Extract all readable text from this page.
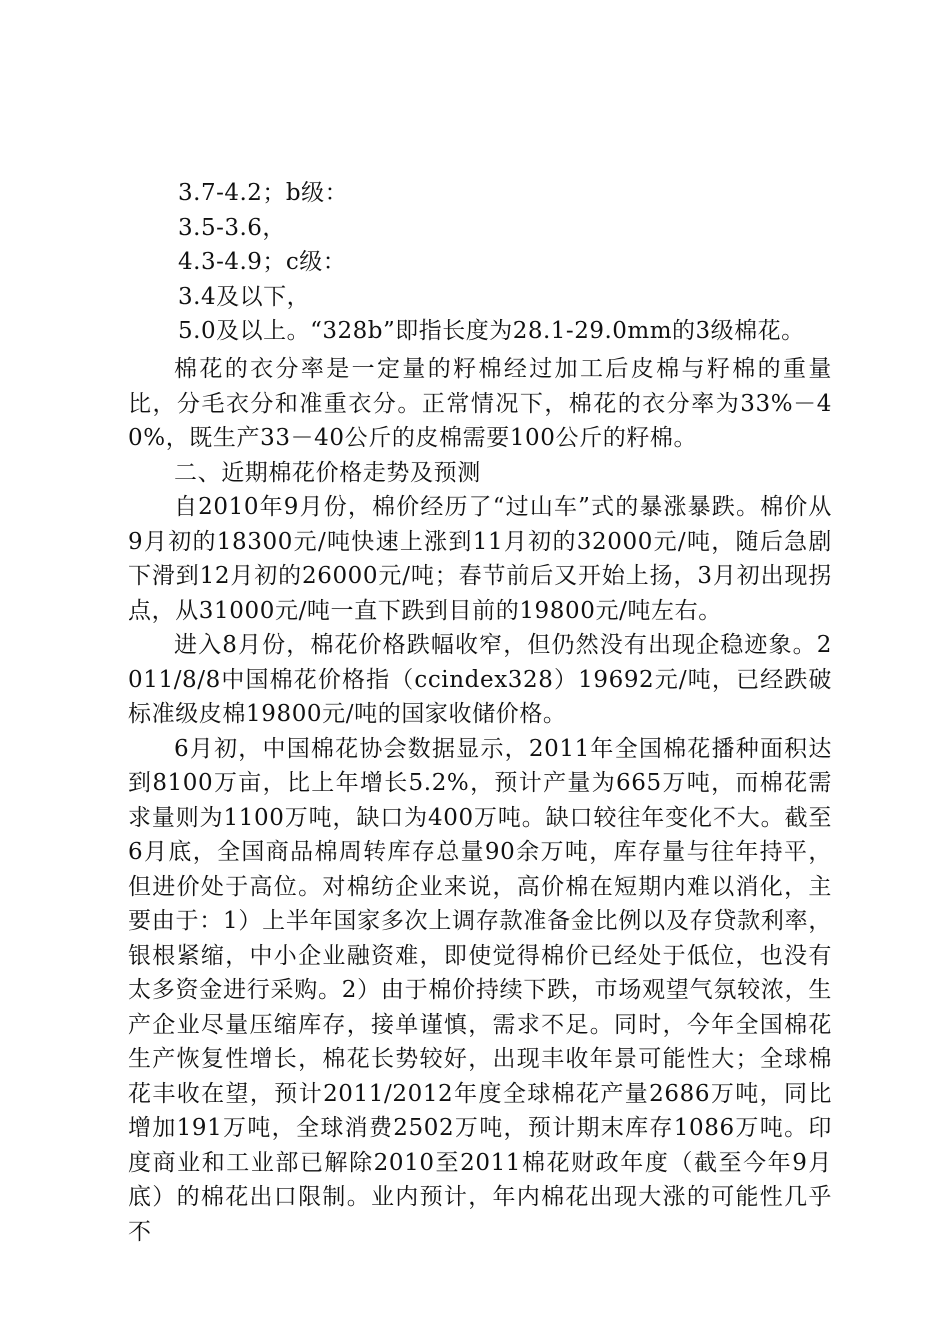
3.7-4.2；b级：
3.5-3.6，
4.3-4.9；c级：
3.4及以下，
5.0及以上。“328b”即指长度为28.1-29.0mm的3级棉花。

棉花的衣分率是一定量的籽棉经过加工后皮棉与籽棉的重量比，分毛衣分和准重衣分。正常情况下，棉花的衣分率为33%－40%，既生产33－40公斤的皮棉需要100公斤的籽棉。

二、近期棉花价格走势及预测

自2010年9月份，棉价经历了“过山车”式的暴涨暴跌。棉价从9月初的18300元/吨快速上涨到11月初的32000元/吨，随后急剧下滑到12月初的26000元/吨；春节前后又开始上扬，3月初出现拐点，从31000元/吨一直下跌到目前的19800元/吨左右。

进入8月份，棉花价格跌幅收窄，但仍然没有出现企稳迹象。2011/8/8中国棉花价格指（ccindex328）19692元/吨，已经跌破标准级皮棉19800元/吨的国家收储价格。

6月初，中国棉花协会数据显示，2011年全国棉花播种面积达到8100万亩，比上年增长5.2%，预计产量为665万吨，而棉花需求量则为1100万吨，缺口为400万吨。缺口较往年变化不大。截至6月底，全国商品棉周转库存总量90余万吨，库存量与往年持平，但进价处于高位。对棉纺企业来说，高价棉在短期内难以消化，主要由于：1）上半年国家多次上调存款准备金比例以及存贷款利率，银根紧缩，中小企业融资难，即使觉得棉价已经处于低位，也没有太多资金进行采购。2）由于棉价持续下跌，市场观望气氛较浓，生产企业尽量压缩库存，接单谨慎，需求不足。同时，今年全国棉花生产恢复性增长，棉花长势较好，出现丰收年景可能性大；全球棉花丰收在望，预计2011/2012年度全球棉花产量2686万吨，同比增加191万吨，全球消费2502万吨，预计期末库存1086万吨。印度商业和工业部已解除2010至2011棉花财政年度（截至今年9月底）的棉花出口限制。业内预计，年内棉花出现大涨的可能性几乎不
